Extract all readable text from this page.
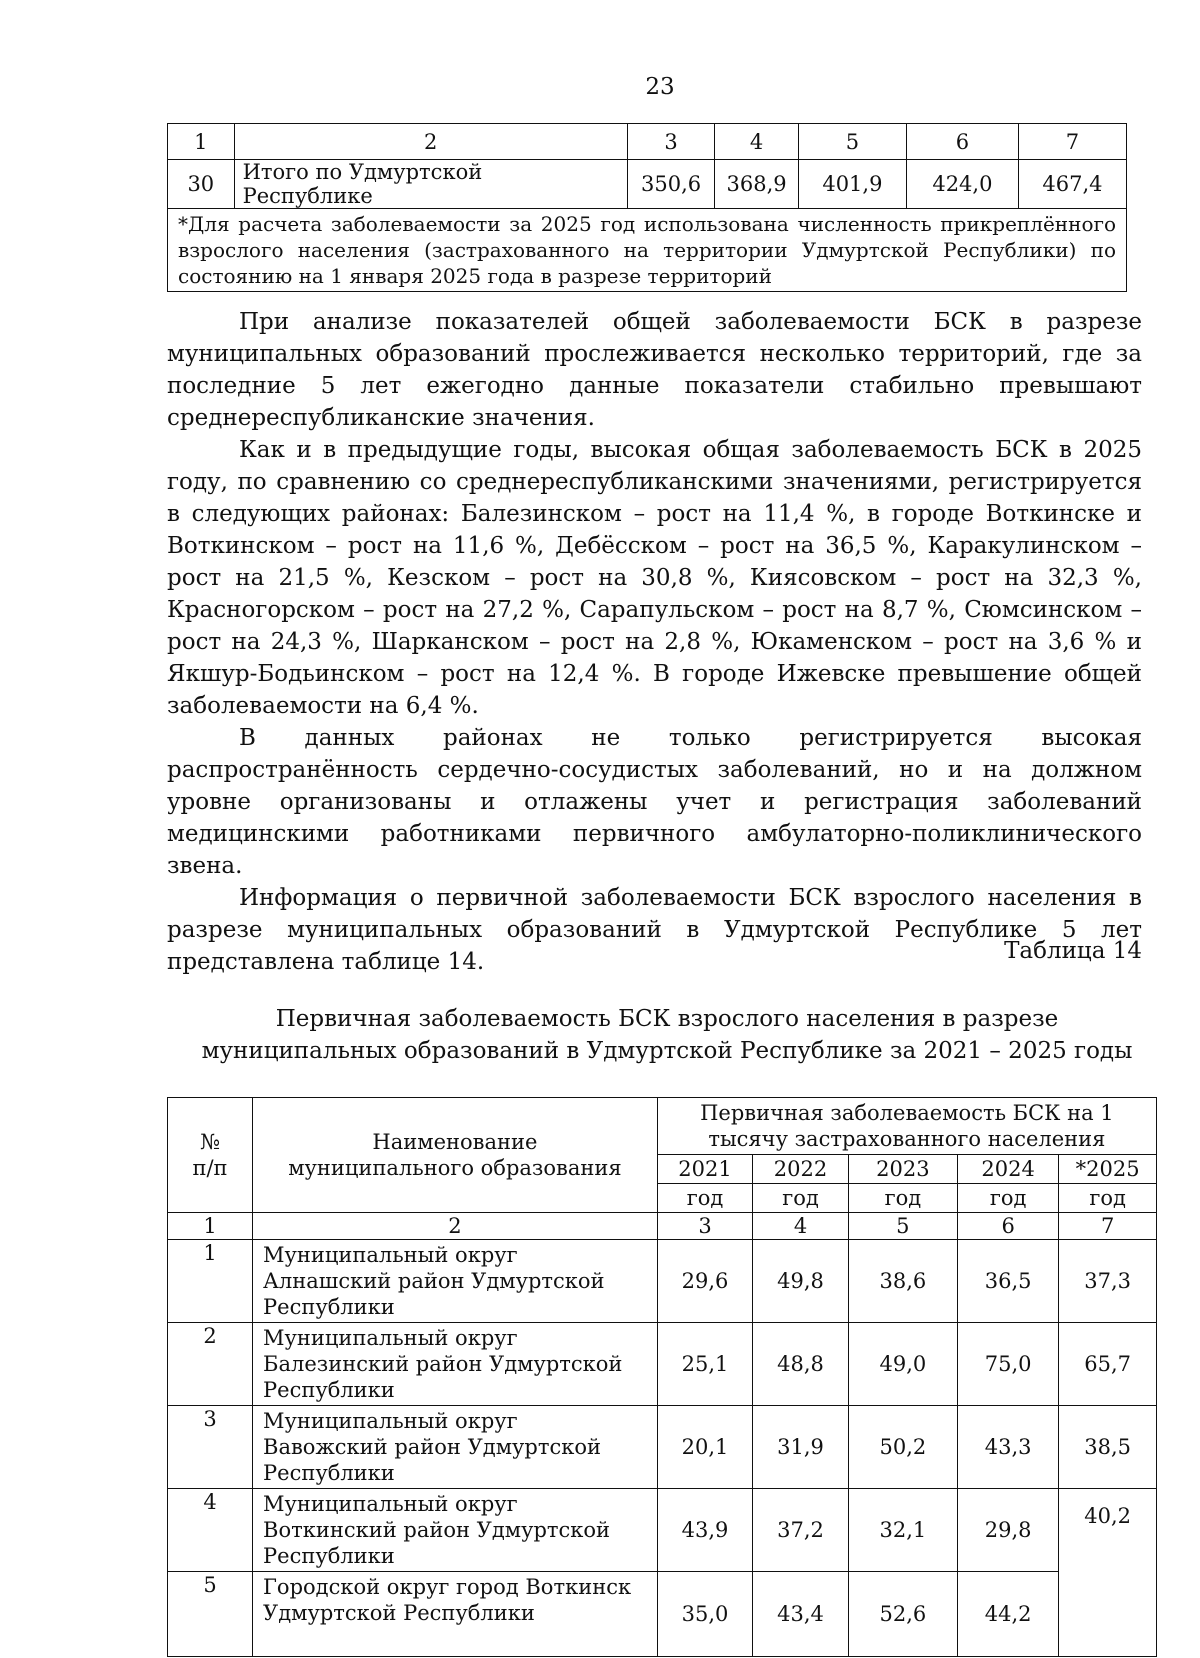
23
1	2	3	4	5	6	7
30	Итого по Удмуртской Республике	350,6	368,9	401,9	424,0	467,4
*Для расчета заболеваемости за 2025 год использована численность прикреплённого взрослого населения (застрахованного на территории Удмуртской Республики) по состоянию на 1 января 2025 года в разрезе территорий						

При анализе показателей общей заболеваемости БСК в разрезе муниципальных образований прослеживается несколько территорий, где за последние 5 лет ежегодно данные показатели стабильно превышают среднереспубликанские значения.

Как и в предыдущие годы, высокая общая заболеваемость БСК в 2025 году, по сравнению со среднереспубликанскими значениями, регистрируется в следующих районах: Балезинском – рост на 11,4 %, в городе Воткинске и Воткинском – рост на 11,6 %, Дебёсском – рост на 36,5 %, Каракулинском – рост на 21,5 %, Кезском – рост на 30,8 %, Киясовском – рост на 32,3 %, Красногорском – рост на 27,2 %, Сарапульском – рост на 8,7 %, Сюмсинском – рост на 24,3 %, Шарканском – рост на 2,8 %, Юкаменском – рост на 3,6 % и Якшур-Бодьинском – рост на 12,4 %. В городе Ижевске превышение общей заболеваемости на 6,4 %.

В данных районах не только регистрируется высокая распространённость сердечно-сосудистых заболеваний, но и на должном уровне организованы и отлажены учет и регистрация заболеваний медицинскими работниками первичного амбулаторно-поликлинического звена.

Информация о первичной заболеваемости БСК взрослого населения в разрезе муниципальных образований в Удмуртской Республике 5 лет представлена таблице 14.	Таблица 14
Первичная заболеваемость БСК взрослого населения в разрезе
муниципальных образований в Удмуртской Республике за 2021 – 2025 годы
№
п/п	Наименование муниципального образования	Первичная заболеваемость БСК на 1 тысячу застрахованного населения				
		2021	2022	2023	2024	*2025
		год	год	год	год	год
1	2	3	4	5	6	7
1	Муниципальный округ Алнашский район Удмуртской Республики	29,6	49,8	38,6	36,5	37,3
2	Муниципальный округ Балезинский район Удмуртской Республики	25,1	48,8	49,0	75,0	65,7
3	Муниципальный округ Вавожский район Удмуртской Республики	20,1	31,9	50,2	43,3	38,5
4	Муниципальный округ Воткинский район Удмуртской Республики	43,9	37,2	32,1	29,8	40,2
5	Городской округ город Воткинск Удмуртской Республики	35,0	43,4	52,6	44,2	
